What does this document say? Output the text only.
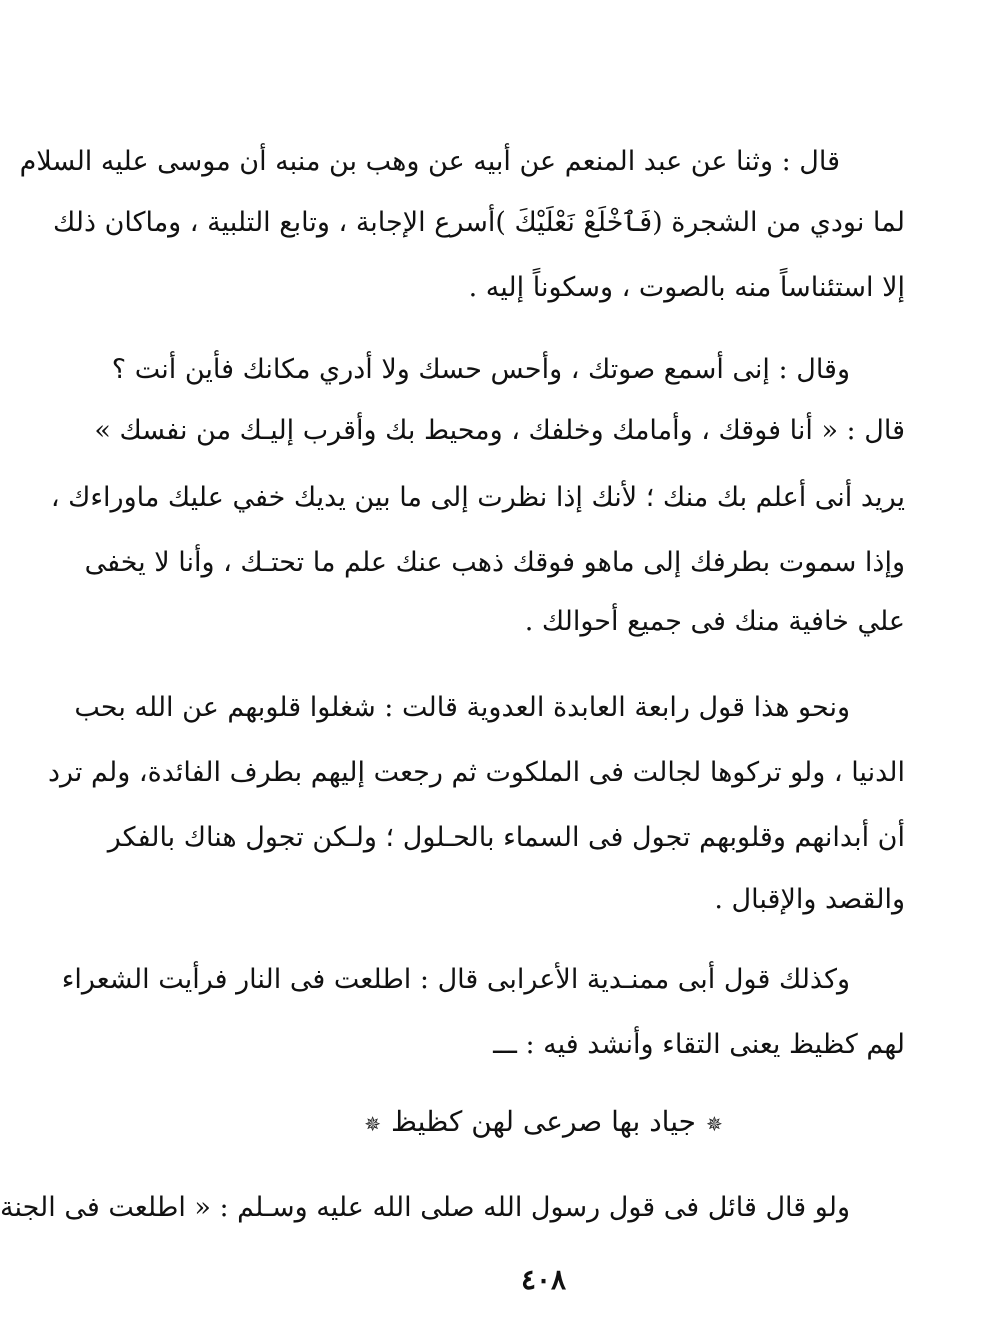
قال : وثنا عن عبد المنعم عن أبيه عن وهب بن منبه أن موسى عليه السلام
لما نودي من الشجرة (فَٱخْلَعْ نَعْلَيْكَ )أسرع الإجابة ، وتابع التلبية ، وماكان ذلك
إلا استئناساً منه بالصوت ، وسكوناً إليه .
وقال : إنى أسمع صوتك ، وأحس حسك ولا أدري مكانك فأين أنت ؟
قال : « أنا فوقك ، وأمامك وخلفك ، ومحيط بك وأقرب إليـك من نفسك »
يريد أنى أعلم بك منك ؛ لأنك إذا نظرت إلى ما بين يديك خفي عليك ماوراءك ،
وإذا سموت بطرفك إلى ماهو فوقك ذهب عنك علم ما تحتـك ، وأنا لا يخفى
علي خافية منك فى جميع أحوالك .
ونحو هذا قول رابعة العابدة العدوية قالت : شغلوا قلوبهم عن الله بحب
الدنيا ، ولو تركوها لجالت فى الملكوت ثم رجعت إليهم بطرف الفائدة، ولم ترد
أن أبدانهم وقلوبهم تجول فى السماء بالحـلول ؛ ولـكن تجول هناك بالفكر
والقصد والإقبال .
وكذلك قول أبى ممنـدية الأعرابى قال : اطلعت فى النار فرأيت الشعراء
لهم كظيظ يعنى التقاء وأنشد فيه : ـــ
✵جياد بها صرعى لهن كظيظ✵
ولو قال قائل فى قول رسول الله صلى الله عليه وسـلم : « اطلعت فى الجنة
٤٠٨
